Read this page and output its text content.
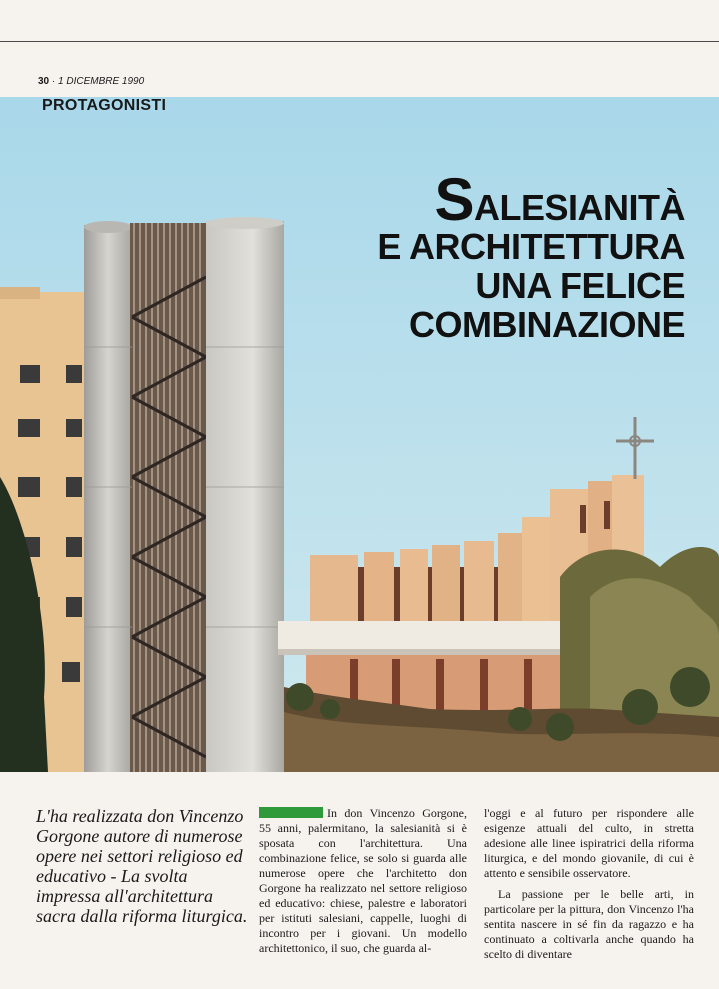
30 · 1 DICEMBRE 1990
PROTAGONISTI
SALESIANITÀ
E ARCHITETTURA
UNA FELICE
COMBINAZIONE
L'ha realizzata don Vincenzo Gorgone autore di numerose opere nei settori religioso ed educativo - La svolta impressa all'architettura sacra dalla riforma liturgica.

In don Vincenzo Gorgone, 55 anni, palermitano, la salesianità si è sposata con l'architettura. Una combinazione felice, se solo si guarda alle numerose opere che l'architetto don Gorgone ha realizzato nel settore religioso ed educativo: chiese, palestre e laboratori per istituti salesiani, cappelle, luoghi di incontro per i giovani. Un modello architettonico, il suo, che guarda al-

l'oggi e al futuro per rispondere alle esigenze attuali del culto, in stretta adesione alle linee ispiratrici della riforma liturgica, e del mondo giovanile, di cui è attento e sensibile osservatore.

La passione per le belle arti, in particolare per la pittura, don Vincenzo l'ha sentita nascere in sé fin da ragazzo e ha continuato a coltivarla anche quando ha scelto di diventare
